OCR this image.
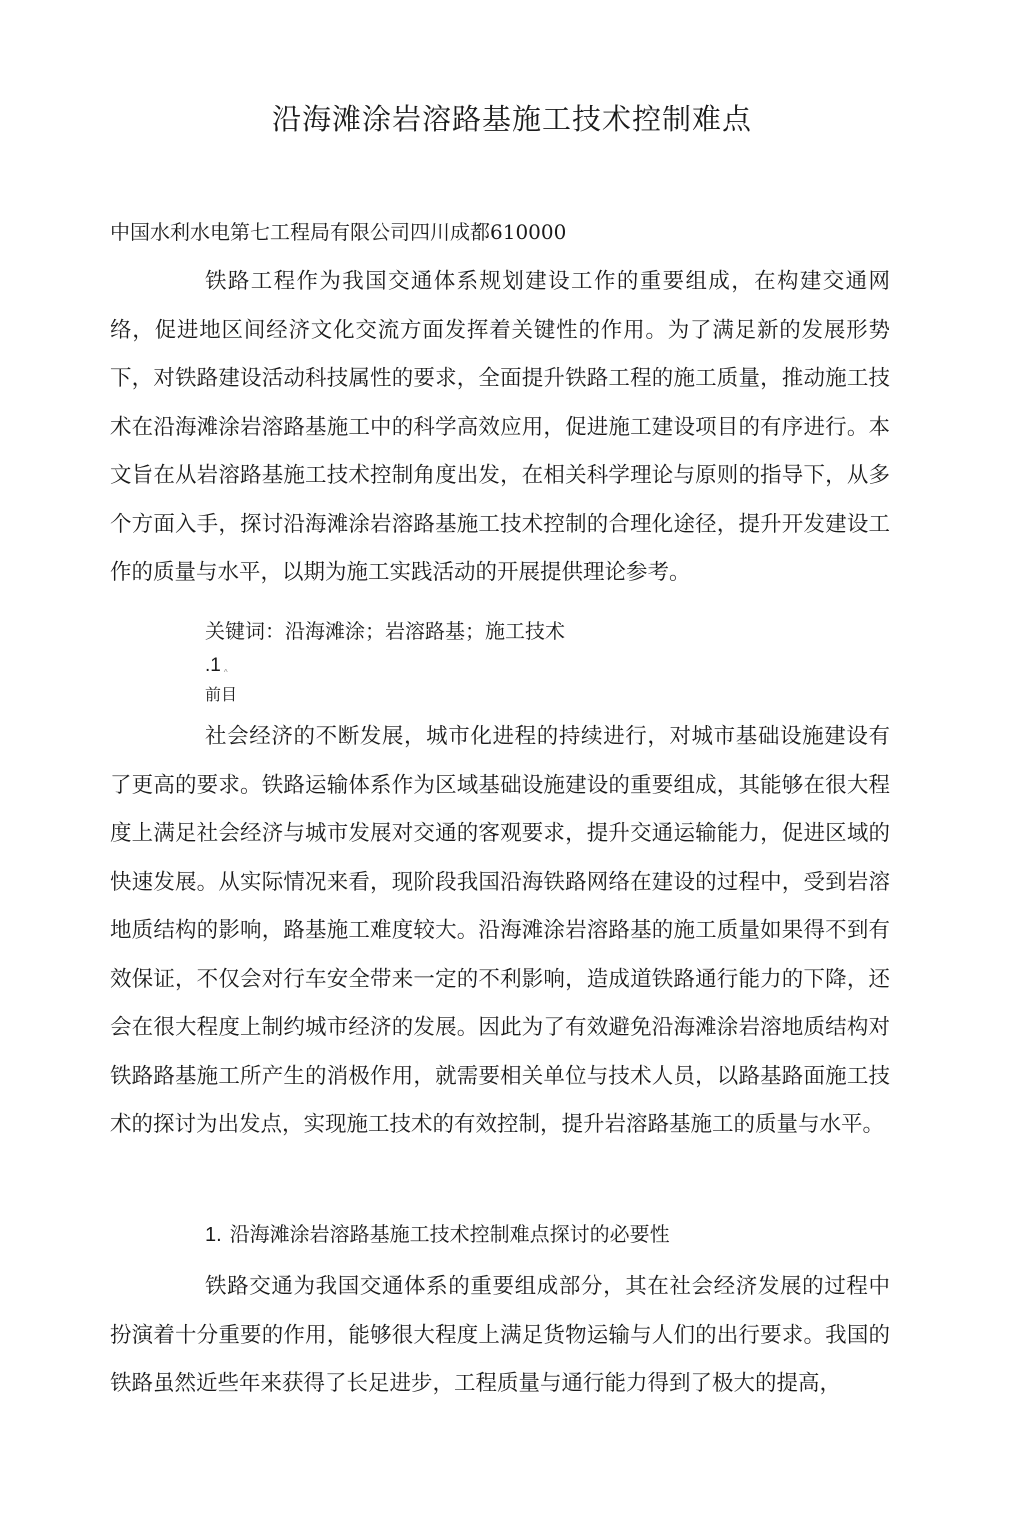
沿海滩涂岩溶路基施工技术控制难点

中国水利水电第七工程局有限公司四川成都610000

铁路工程作为我国交通体系规划建设工作的重要组成，在构建交通网络，促进地区间经济文化交流方面发挥着关键性的作用。为了满足新的发展形势下，对铁路建设活动科技属性的要求，全面提升铁路工程的施工质量，推动施工技术在沿海滩涂岩溶路基施工中的科学高效应用，促进施工建设项目的有序进行。本文旨在从岩溶路基施工技术控制角度出发，在相关科学理论与原则的指导下，从多个方面入手，探讨沿海滩涂岩溶路基施工技术控制的合理化途径，提升开发建设工作的质量与水平，以期为施工实践活动的开展提供理论参考。

关键词：沿海滩涂；岩溶路基；施工技术

.1 ^

前目

社会经济的不断发展，城市化进程的持续进行，对城市基础设施建设有了更高的要求。铁路运输体系作为区域基础设施建设的重要组成，其能够在很大程度上满足社会经济与城市发展对交通的客观要求，提升交通运输能力，促进区域的快速发展。从实际情况来看，现阶段我国沿海铁路网络在建设的过程中，受到岩溶地质结构的影响，路基施工难度较大。沿海滩涂岩溶路基的施工质量如果得不到有效保证，不仅会对行车安全带来一定的不利影响，造成道铁路通行能力的下降，还会在很大程度上制约城市经济的发展。因此为了有效避免沿海滩涂岩溶地质结构对铁路路基施工所产生的消极作用，就需要相关单位与技术人员，以路基路面施工技术的探讨为出发点，实现施工技术的有效控制，提升岩溶路基施工的质量与水平。

1. 沿海滩涂岩溶路基施工技术控制难点探讨的必要性

铁路交通为我国交通体系的重要组成部分，其在社会经济发展的过程中扮演着十分重要的作用，能够很大程度上满足货物运输与人们的出行要求。我国的铁路虽然近些年来获得了长足进步，工程质量与通行能力得到了极大的提高，
